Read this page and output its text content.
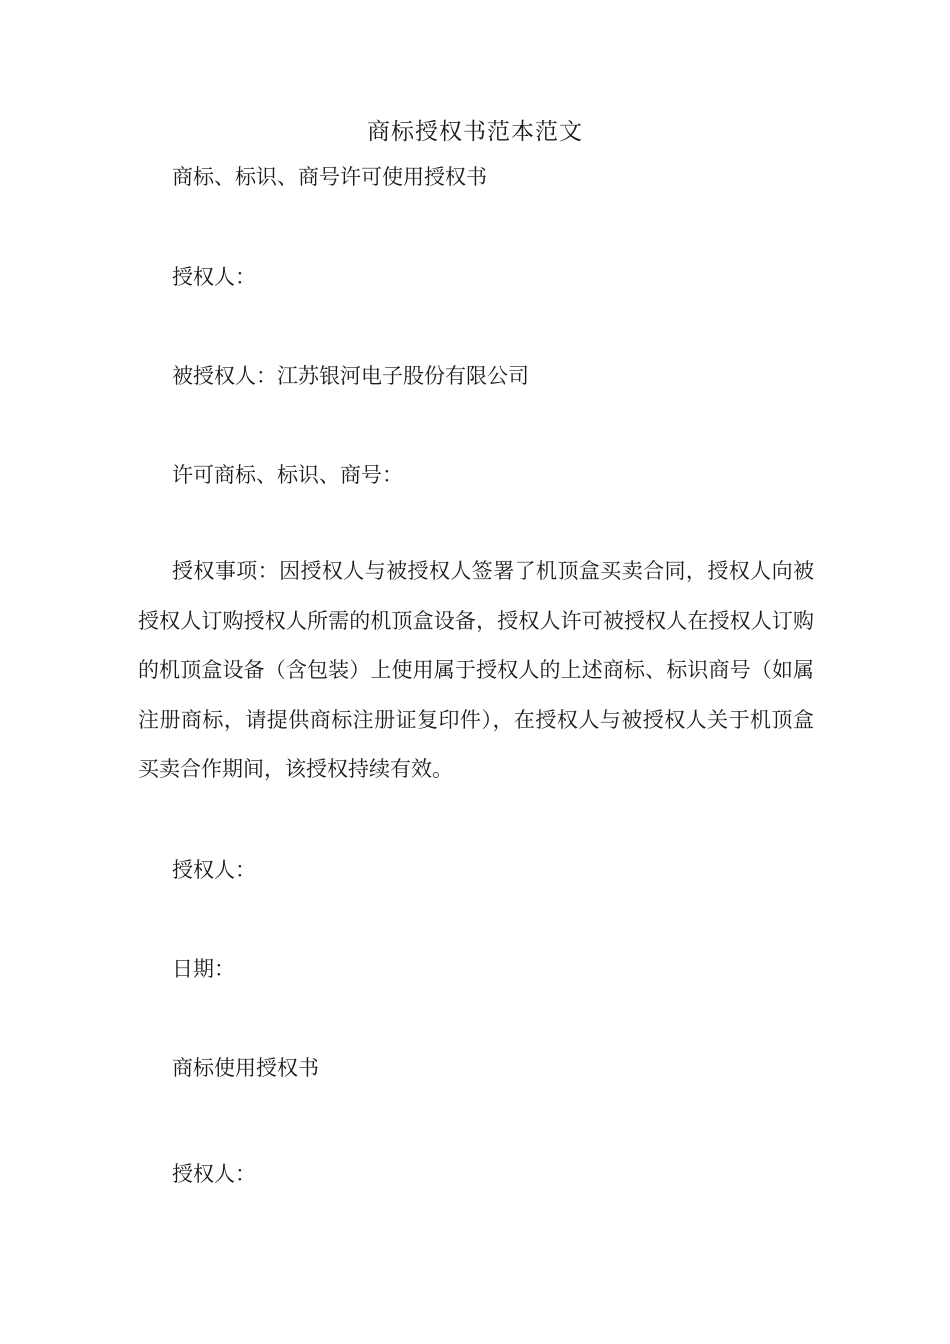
商标授权书范本范文
商标、标识、商号许可使用授权书
授权人：
被授权人：江苏银河电子股份有限公司
许可商标、标识、商号：
授权事项：因授权人与被授权人签署了机顶盒买卖合同，授权人向被授权人订购授权人所需的机顶盒设备，授权人许可被授权人在授权人订购的机顶盒设备（含包装）上使用属于授权人的上述商标、标识商号（如属注册商标，请提供商标注册证复印件），在授权人与被授权人关于机顶盒买卖合作期间，该授权持续有效。
授权人：
日期：
商标使用授权书
授权人：
